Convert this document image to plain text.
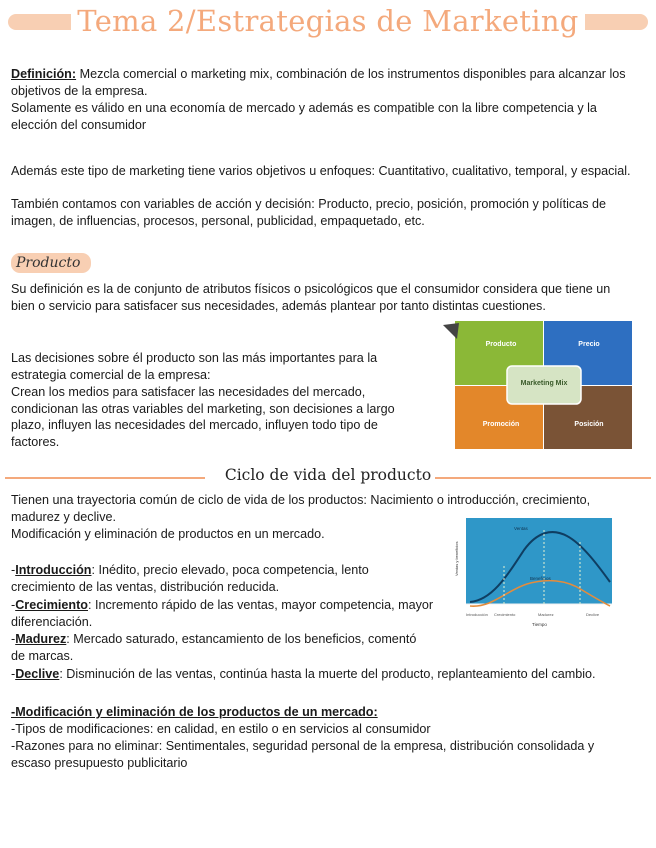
Tema 2/Estrategias de Marketing

Definición: Mezcla comercial o marketing mix, combinación de los instrumentos disponibles para alcanzar los objetivos de la empresa.

Solamente es válido en una economía de mercado y además es compatible con la libre competencia y la elección del consumidor

Además este tipo de marketing tiene varios objetivos u enfoques: Cuantitativo, cualitativo, temporal, y espacial.

También contamos con variables de acción y decisión: Producto, precio, posición, promoción y políticas de imagen, de influencias, procesos, personal, publicidad, empaquetado, etc.

Producto

Su definición es la de conjunto de atributos físicos o psicológicos que el consumidor considera que tiene un bien o servicio para satisfacer sus necesidades, además plantear por tanto distintas cuestiones.

Las decisiones sobre él producto son las más importantes para la estrategia comercial de la empresa:

Crean los medios para satisfacer las necesidades del mercado, condicionan las otras variables del marketing, son decisiones a largo plazo, influyen las necesidades del mercado, influyen todo tipo de factores.

Producto	Precio
Marketing Mix
Promoción	Posición
Ciclo de vida del producto

Tienen una trayectoria común de ciclo de vida de los productos: Nacimiento o introducción, crecimiento, madurez y declive.

Modificación y eliminación de productos en un mercado.

-Introducción: Inédito, precio elevado, poca competencia, lento crecimiento de las ventas, distribución reducida.

-Crecimiento: Incremento rápido de las ventas, mayor competencia, mayor diferenciación.

-Madurez: Mercado saturado, estancamiento de los beneficios, comentó de marcas.

-Declive: Disminución de las ventas, continúa hasta la muerte del producto, replanteamiento del cambio.

-Modificación y eliminación de los productos de un mercado:

-Tipos de modificaciones: en calidad, en estilo o en servicios al consumidor

-Razones para no eliminar: Sentimentales, seguridad personal de la empresa, distribución consolidada y escaso presupuesto publicitario

Ventas
Beneficios
Ventas y beneficios
Introducción Crecimiento	Madurez	Declive
Tiempo
